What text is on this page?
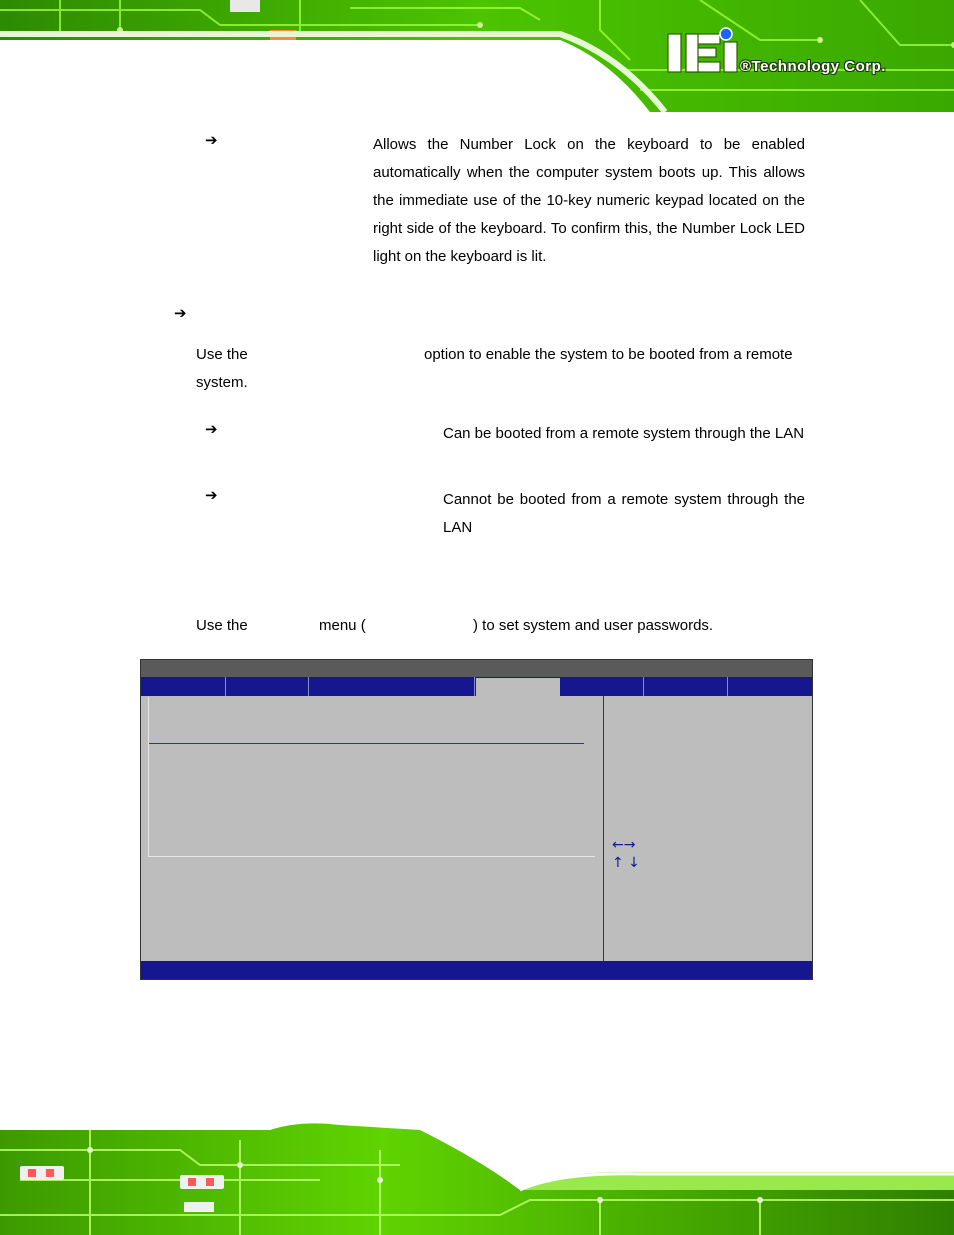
®Technology Corp.
➔	Allows the Number Lock on the keyboard to be enabled automatically when the computer system boots up. This allows the immediate use of the 10-key numeric keypad located on the right side of the keyboard. To confirm this, the Number Lock LED light on the keyboard is lit.
➔
Use the	option to enable the system to be booted from a remote
system.
➔	Can be booted from a remote system through the LAN
➔	Cannot be booted from a remote system through the LAN
Use the	menu (	) to set system and user passwords.
←→
↑ ↓
